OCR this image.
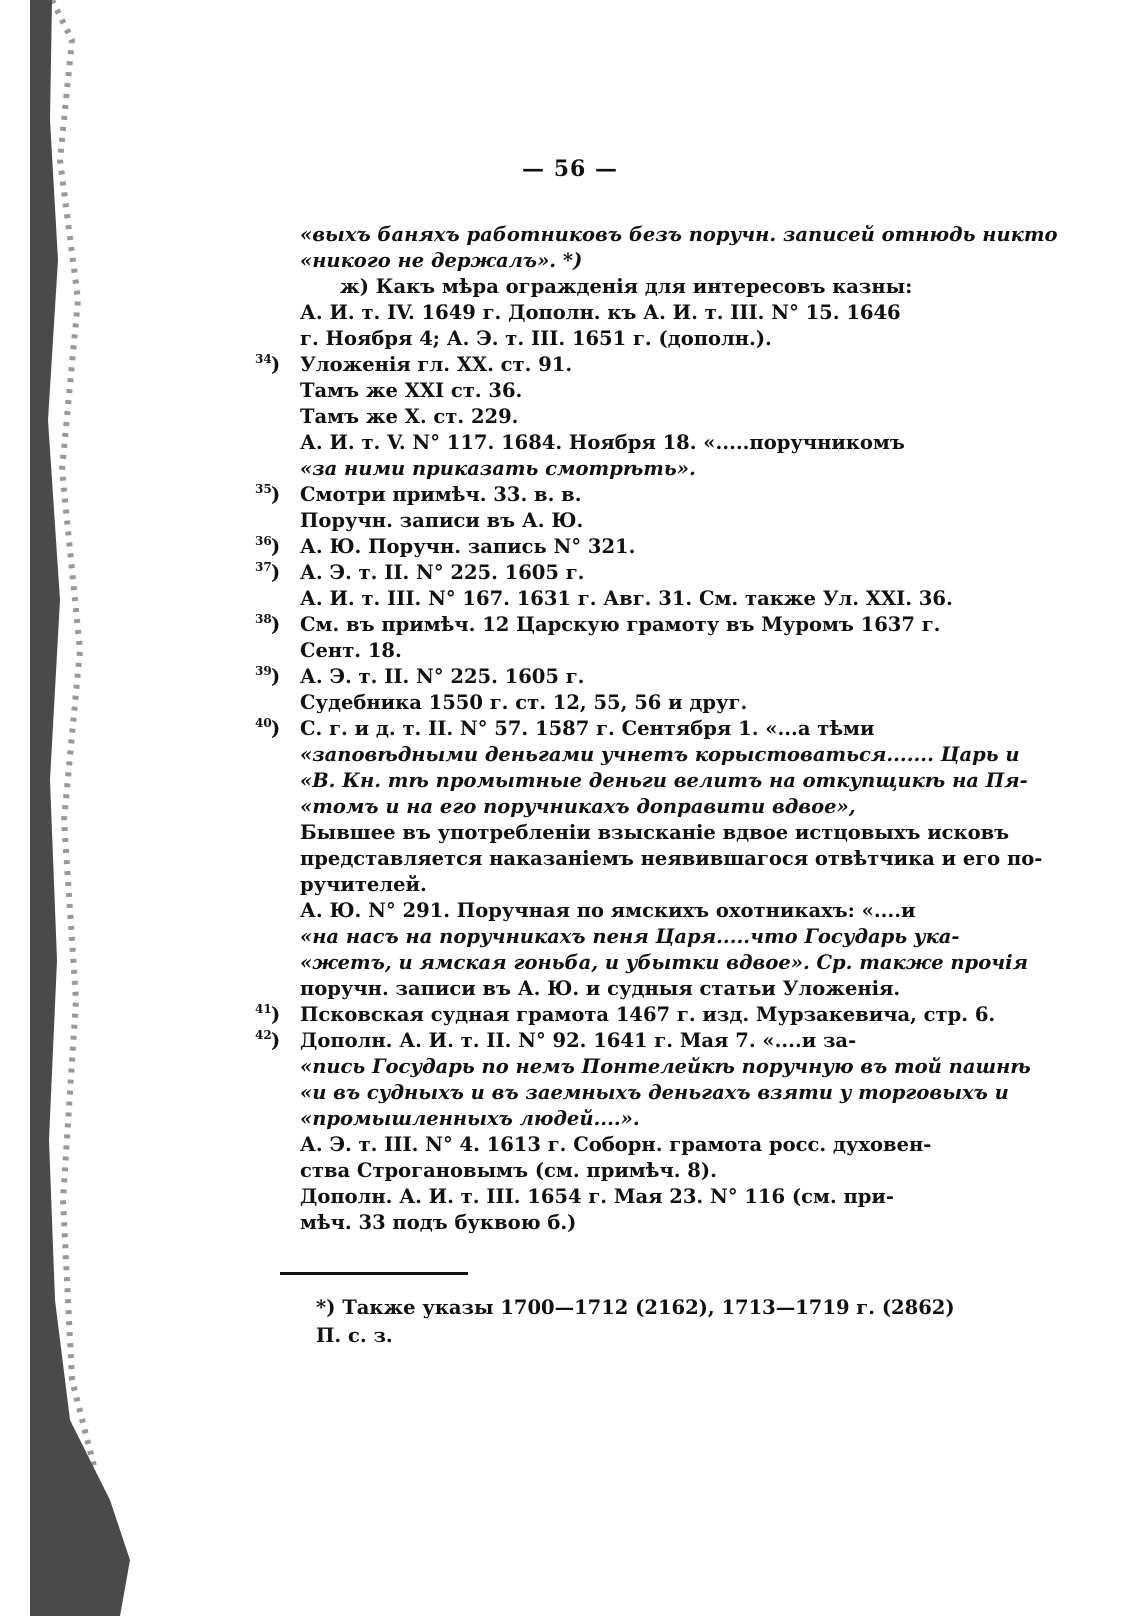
— 56 —
«выхъ баняхъ работниковъ безъ поручн. записей отнюдь никто
«никого не держалъ». *)
ж) Какъ мѣра огражденія для интересовъ казны:
А. И. т. IV. 1649 г. Дополн. къ А. И. т. III. N° 15. 1646
г. Ноября 4; А. Э. т. III. 1651 г. (дополн.).
34 ) Уложенія гл. XX. ст. 91.
Тамъ же XXI ст. 36.
Тамъ же X. ст. 229.
А. И. т. V. N° 117. 1684. Ноября 18. «.....поручникомъ
«за ними приказать смотрѣть».
35 ) Смотри примѣч. 33. в. в.
Поручн. записи въ А. Ю.
36 ) А. Ю. Поручн. запись N° 321.
37 ) А. Э. т. II. N° 225. 1605 г.
А. И. т. III. N° 167. 1631 г. Авг. 31. См. также Ул. XXI. 36.
38 ) См. въ примѣч. 12 Царскую грамоту въ Муромъ 1637 г.
Сент. 18.
39 ) А. Э. т. II. N° 225. 1605 г.
Судебника 1550 г. ст. 12, 55, 56 и друг.
40 ) С. г. и д. т. II. N° 57. 1587 г. Сентября 1. «...а тѣми
«заповѣдными деньгами учнетъ корыстоваться....... Царь и
«В. Кн. тѣ промытные деньги велитъ на откупщикѣ на Пя-
«томъ и на его поручникахъ доправити вдвое»,
Бывшее въ употребленіи взысканіе вдвое истцовыхъ исковъ
представляется наказаніемъ неявившагося отвѣтчика и его по-
ручителей.
А. Ю. N° 291. Поручная по ямскихъ охотникахъ: «....и
«на насъ на поручникахъ пеня Царя.....что Государь ука-
«жетъ, и ямская гоньба, и убытки вдвое». Ср. также прочія
поручн. записи въ А. Ю. и судныя статьи Уложенія.
41 ) Псковская судная грамота 1467 г. изд. Мурзакевича, стр. 6.
42 ) Дополн. А. И. т. II. N° 92. 1641 г. Мая 7. «....и за-
«пись Государь по немъ Понтелейкѣ поручную въ той пашнѣ
«и въ судныхъ и въ заемныхъ деньгахъ взяти у торговыхъ и
«промышленныхъ людей....».
А. Э. т. III. N° 4. 1613 г. Соборн. грамота росс. духовен-
ства Строгановымъ (см. примѣч. 8).
Дополн. А. И. т. III. 1654 г. Мая 23. N° 116 (см. при-
мѣч. 33 подъ буквою б.)
*) Также указы 1700—1712 (2162), 1713—1719 г. (2862)
П. с. з.
